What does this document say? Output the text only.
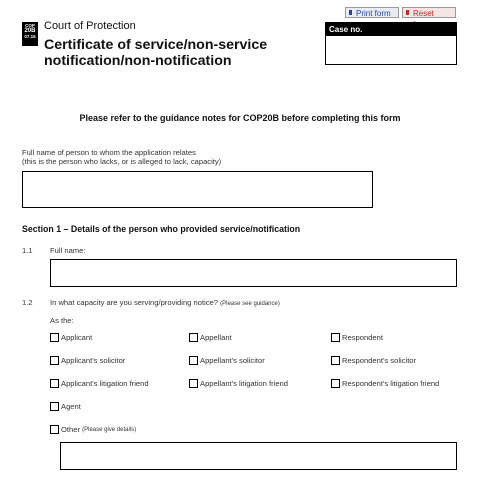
Print form	Reset
COP
20B
07.15
Court of Protection
Certificate of service/non-service notification/non-notification
Case no.
Please refer to the guidance notes for COP20B before completing this form
Full name of person to whom the application relates
(this is the person who lacks, or is alleged to lack, capacity)
Section 1 – Details of the person who provided service/notification
1.1 Full name:
1.2 In what capacity are you serving/providing notice? (Please see guidance)
As the:
Applicant	Appellant	Respondent
Applicant's solicitor	Appellant's solicitor	Respondent's solicitor
Applicant's litigation friend	Appellant's litigation friend	Respondent's litigation friend
Agent
Other
(Please give details)
